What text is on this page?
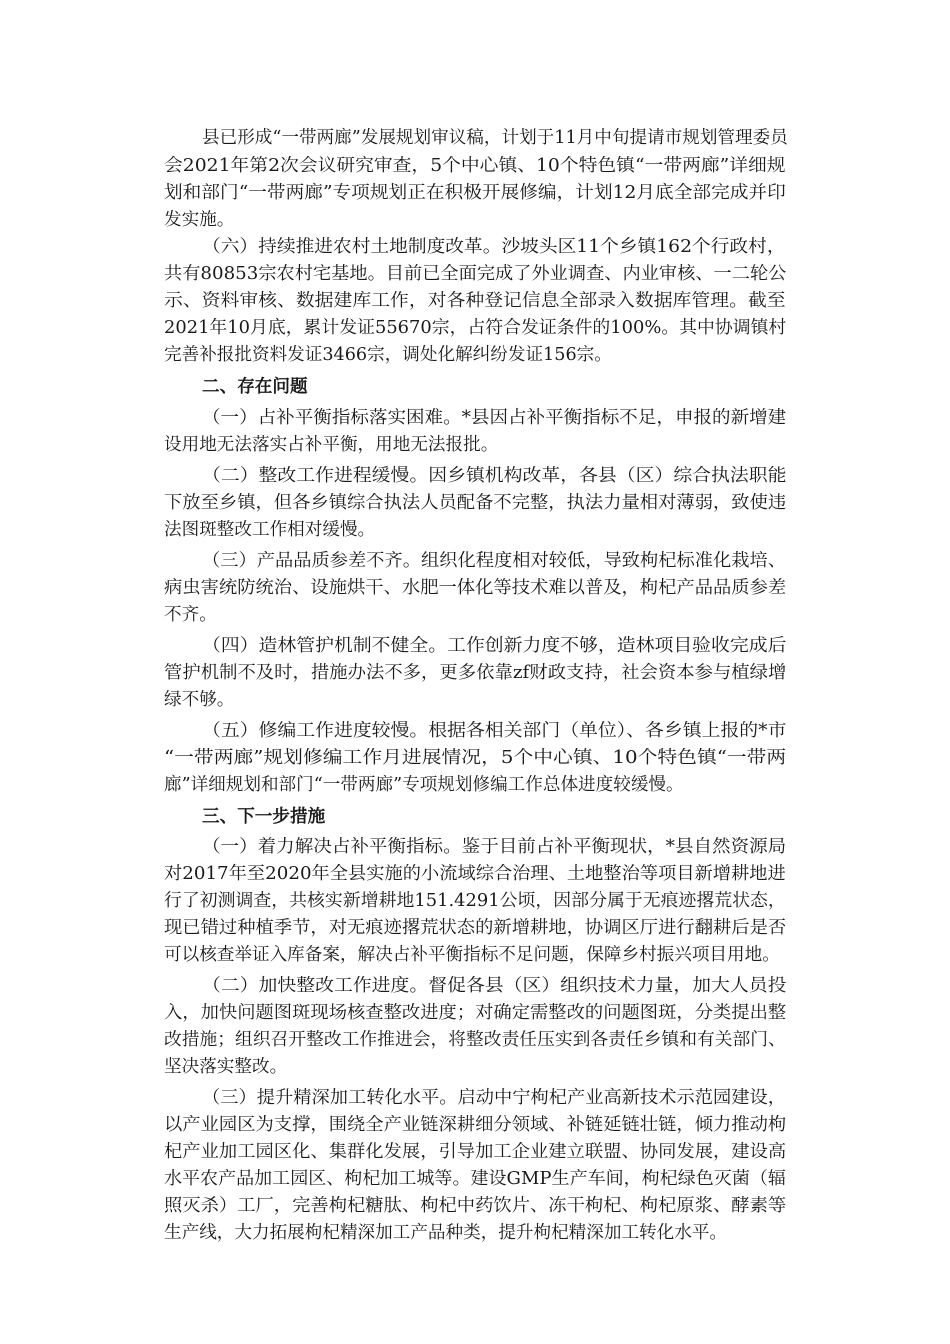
县已形成“一带两廊”发展规划审议稿，计划于11月中旬提请市规划管理委员
会2021年第2次会议研究审查，5个中心镇、10个特色镇“一带两廊”详细规
划和部门“一带两廊”专项规划正在积极开展修编，计划12月底全部完成并印
发实施。
（六）持续推进农村土地制度改革。沙坡头区11个乡镇162个行政村，
共有80853宗农村宅基地。目前已全面完成了外业调查、内业审核、一二轮公
示、资料审核、数据建库工作，对各种登记信息全部录入数据库管理。截至
2021年10月底，累计发证55670宗，占符合发证条件的100%。其中协调镇村
完善补报批资料发证3466宗，调处化解纠纷发证156宗。
二、存在问题
（一）占补平衡指标落实困难。*县因占补平衡指标不足，申报的新增建
设用地无法落实占补平衡，用地无法报批。
（二）整改工作进程缓慢。因乡镇机构改革，各县（区）综合执法职能
下放至乡镇，但各乡镇综合执法人员配备不完整，执法力量相对薄弱，致使违
法图斑整改工作相对缓慢。
（三）产品品质参差不齐。组织化程度相对较低，导致枸杞标准化栽培、
病虫害统防统治、设施烘干、水肥一体化等技术难以普及，枸杞产品品质参差
不齐。
（四）造林管护机制不健全。工作创新力度不够，造林项目验收完成后
管护机制不及时，措施办法不多，更多依靠zf财政支持，社会资本参与植绿增
绿不够。
（五）修编工作进度较慢。根据各相关部门（单位）、各乡镇上报的*市
“一带两廊”规划修编工作月进展情况，5个中心镇、10个特色镇“一带两
廊”详细规划和部门“一带两廊”专项规划修编工作总体进度较缓慢。
三、下一步措施
（一）着力解决占补平衡指标。鉴于目前占补平衡现状，*县自然资源局
对2017年至2020年全县实施的小流域综合治理、土地整治等项目新增耕地进
行了初测调查，共核实新增耕地151.4291公顷，因部分属于无痕迹撂荒状态，
现已错过种植季节，对无痕迹撂荒状态的新增耕地，协调区厅进行翻耕后是否
可以核查举证入库备案，解决占补平衡指标不足问题，保障乡村振兴项目用地。
（二）加快整改工作进度。督促各县（区）组织技术力量，加大人员投
入，加快问题图斑现场核查整改进度；对确定需整改的问题图斑，分类提出整
改措施；组织召开整改工作推进会，将整改责任压实到各责任乡镇和有关部门、
坚决落实整改。
（三）提升精深加工转化水平。启动中宁枸杞产业高新技术示范园建设，
以产业园区为支撑，围绕全产业链深耕细分领域、补链延链壮链，倾力推动枸
杞产业加工园区化、集群化发展，引导加工企业建立联盟、协同发展，建设高
水平农产品加工园区、枸杞加工城等。建设GMP生产车间，枸杞绿色灭菌（辐
照灭杀）工厂，完善枸杞糖肽、枸杞中药饮片、冻干枸杞、枸杞原浆、酵素等
生产线，大力拓展枸杞精深加工产品种类，提升枸杞精深加工转化水平。
